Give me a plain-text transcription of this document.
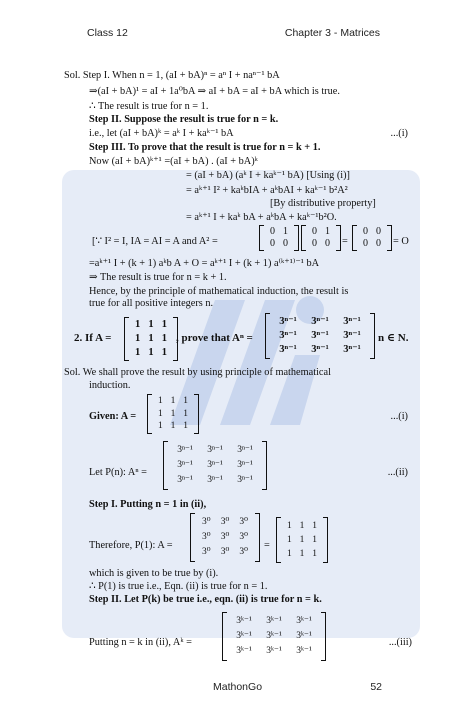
Class 12	Chapter 3 - Matrices
Sol. Step I. When n = 1, (aI + bA)ⁿ = aⁿ I + naⁿ⁻¹ bA
⇒(aI + bA)¹ = aI + 1a⁰bA ⇒ aI + bA = aI + bA which is true.
∴ The result is true for n = 1.
Step II. Suppose the result is true for n = k.
i.e., let (aI + bA)ᵏ = aᵏ I + kaᵏ⁻¹ bA	...(i)
Step III. To prove that the result is true for n = k + 1.
Now (aI + bA)ᵏ⁺¹ =(aI + bA) . (aI + bA)ᵏ
= (aI + bA) (aᵏ I + kaᵏ⁻¹ bA) [Using (i)]
= aᵏ⁺¹ I² + kaᵏbIA + aᵏbAI + kaᵏ⁻¹ b²A²
[By distributive property]
= aᵏ⁺¹ I + kaᵏ bA + aᵏbA + kaᵏ⁻¹b²O.
[∵ I² = I, IA = AI = A and A² =
0 1
0 0
0 1
0 0	=
0 0
0 0	= O
=aᵏ⁺¹ I + (k + 1) aᵏb A + O = aᵏ⁺¹ I + (k + 1) a⁽ᵏ⁺¹⁾⁻¹ bA
⇒ The result is true for n = k + 1.
Hence, by the principle of mathematical induction, the result is
true for all positive integers n.
2. If A =
1 1 1
1 1 1
1 1 1
, prove that Aⁿ =
3ⁿ⁻¹	3ⁿ⁻¹	3ⁿ⁻¹
3ⁿ⁻¹	3ⁿ⁻¹	3ⁿ⁻¹
3ⁿ⁻¹	3ⁿ⁻¹	3ⁿ⁻¹
n ∈ N.
Sol. We shall prove the result by using principle of mathematical
induction.
Given: A =
1 1 1
1 1 1
1 1 1
...(i)
Let P(n): Aⁿ =
3ⁿ⁻¹	3ⁿ⁻¹	3ⁿ⁻¹
3ⁿ⁻¹	3ⁿ⁻¹	3ⁿ⁻¹
3ⁿ⁻¹	3ⁿ⁻¹	3ⁿ⁻¹
...(ii)
Step I. Putting n = 1 in (ii),
Therefore, P(1): A =
3⁰	3⁰	3⁰
3⁰	3⁰	3⁰
3⁰	3⁰	3⁰
=
1 1 1
1 1 1
1 1 1
which is given to be true by (i).
∴ P(1) is true i.e., Eqn. (ii) is true for n = 1.
Step II. Let P(k) be true i.e., eqn. (ii) is true for n = k.
Putting n = k in (ii), Aᵏ =
3ᵏ⁻¹	3ᵏ⁻¹	3ᵏ⁻¹
3ᵏ⁻¹	3ᵏ⁻¹	3ᵏ⁻¹
3ᵏ⁻¹	3ᵏ⁻¹	3ᵏ⁻¹
...(iii)
MathonGo	52
